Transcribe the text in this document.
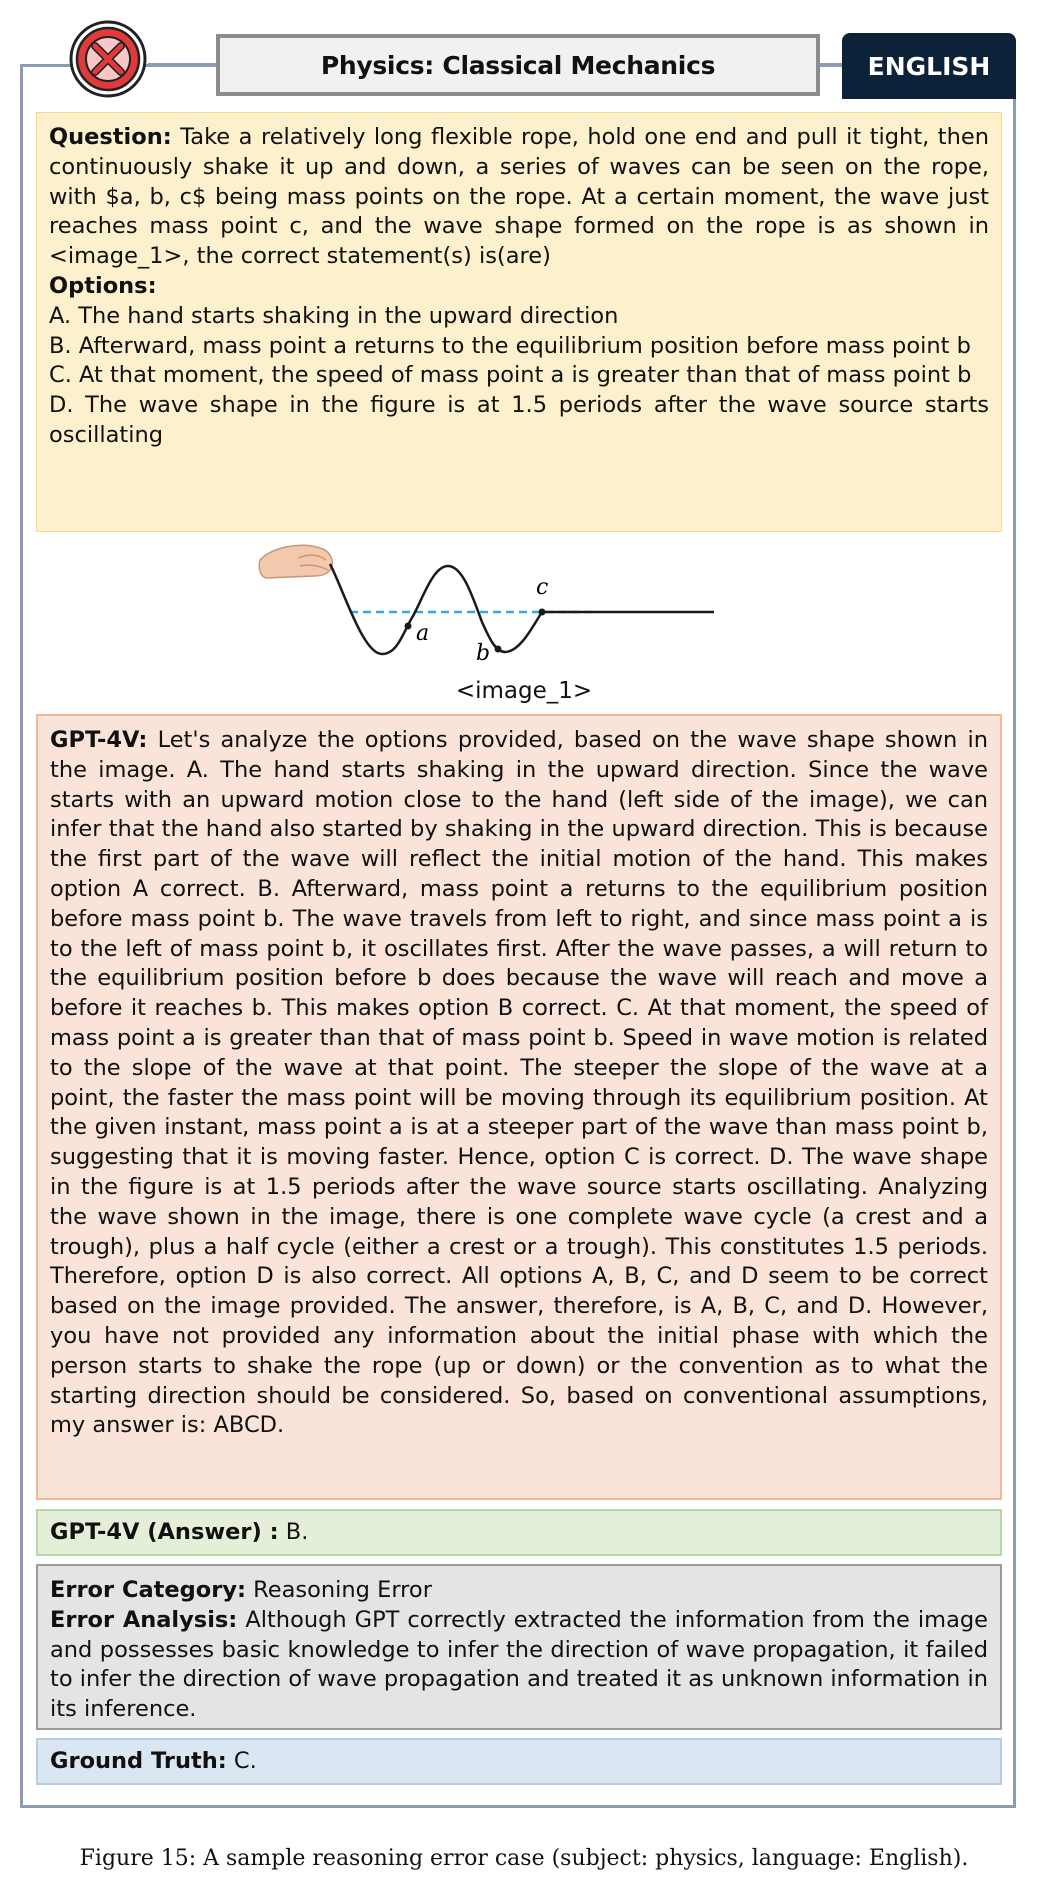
Physics: Classical Mechanics	ENGLISH
Question: Take a relatively long flexible rope, hold one end and pull it tight, then continuously shake it up and down, a series of waves can be seen on the rope, with $a, b, c$ being mass points on the rope. At a certain moment, the wave just reaches mass point c, and the wave shape formed on the rope is as shown in <image_1>, the correct statement(s) is(are)
Options:
A. The hand starts shaking in the upward direction
B. Afterward, mass point a returns to the equilibrium position before mass point b
C. At that moment, the speed of mass point a is greater than that of mass point b
D. The wave shape in the figure is at 1.5 periods after the wave source starts oscillating
a
b
c
<image_1>
GPT-4V: Let's analyze the options provided, based on the wave shape shown in the image. A. The hand starts shaking in the upward direction. Since the wave starts with an upward motion close to the hand (left side of the image), we can infer that the hand also started by shaking in the upward direction. This is because the first part of the wave will reflect the initial motion of the hand. This makes option A correct. B. Afterward, mass point a returns to the equilibrium position before mass point b. The wave travels from left to right, and since mass point a is to the left of mass point b, it oscillates first. After the wave passes, a will return to the equilibrium position before b does because the wave will reach and move a before it reaches b. This makes option B correct. C. At that moment, the speed of mass point a is greater than that of mass point b. Speed in wave motion is related to the slope of the wave at that point. The steeper the slope of the wave at a point, the faster the mass point will be moving through its equilibrium position. At the given instant, mass point a is at a steeper part of the wave than mass point b, suggesting that it is moving faster. Hence, option C is correct. D. The wave shape in the figure is at 1.5 periods after the wave source starts oscillating. Analyzing the wave shown in the image, there is one complete wave cycle (a crest and a trough), plus a half cycle (either a crest or a trough). This constitutes 1.5 periods. Therefore, option D is also correct. All options A, B, C, and D seem to be correct based on the image provided. The answer, therefore, is A, B, C, and D. However, you have not provided any information about the initial phase with which the person starts to shake the rope (up or down) or the convention as to what the starting direction should be considered. So, based on conventional assumptions, my answer is: ABCD.
GPT-4V (Answer) : B.
Error Category: Reasoning Error
Error Analysis: Although GPT correctly extracted the information from the image and possesses basic knowledge to infer the direction of wave propagation, it failed to infer the direction of wave propagation and treated it as unknown information in its inference.
Ground Truth: C.
Figure 15: A sample reasoning error case (subject: physics, language: English).
